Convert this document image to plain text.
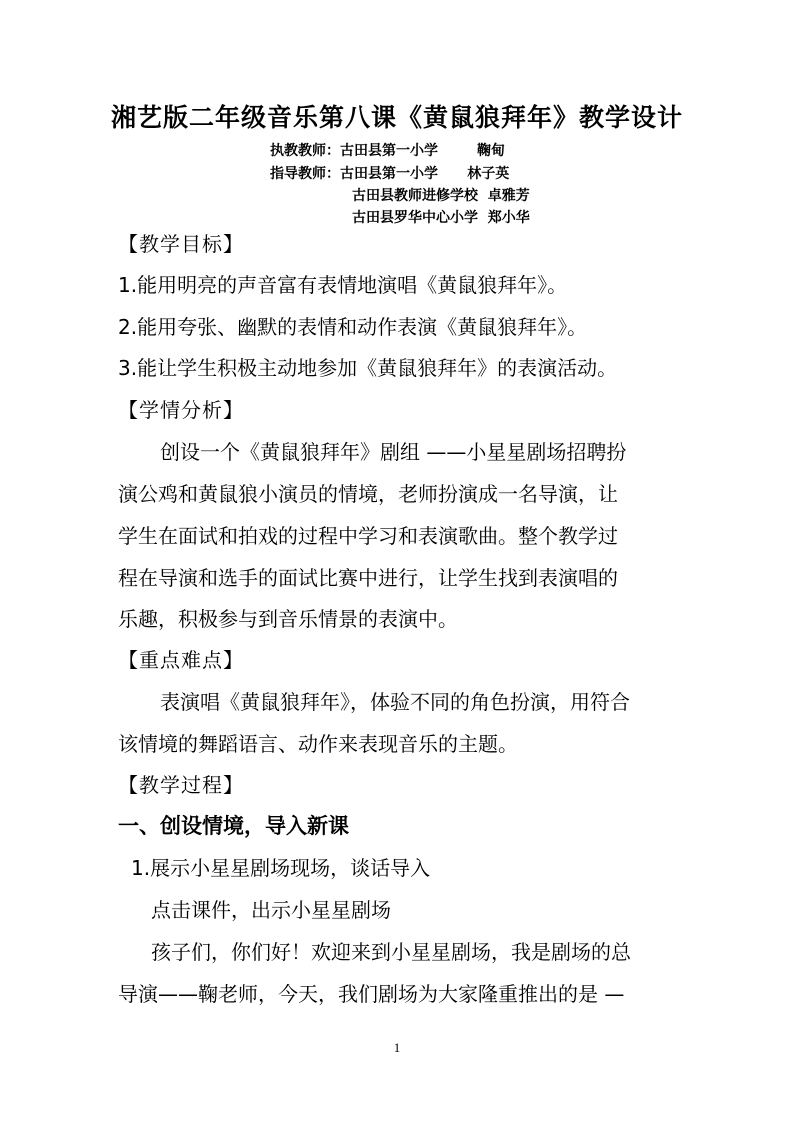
湘艺版二年级音乐第八课《黄鼠狼拜年》教学设计
执教教师：古田县第一小学        鞠甸
指导教师：古田县第一小学      林子英
古田县教师进修学校  卓雅芳
古田县罗华中心小学  郑小华
【教学目标】
1.能用明亮的声音富有表情地演唱《黄鼠狼拜年》。
2.能用夸张、幽默的表情和动作表演《黄鼠狼拜年》。
3.能让学生积极主动地参加《黄鼠狼拜年》的表演活动。
【学情分析】
创设一个《黄鼠狼拜年》剧组 ——小星星剧场招聘扮
演公鸡和黄鼠狼小演员的情境，老师扮演成一名导演，让
学生在面试和拍戏的过程中学习和表演歌曲。整个教学过
程在导演和选手的面试比赛中进行，让学生找到表演唱的
乐趣，积极参与到音乐情景的表演中。
【重点难点】
表演唱《黄鼠狼拜年》，体验不同的角色扮演，用符合
该情境的舞蹈语言、动作来表现音乐的主题。
【教学过程】
一、创设情境，导入新课
1.展示小星星剧场现场，谈话导入
点击课件，出示小星星剧场
孩子们，你们好！欢迎来到小星星剧场，我是剧场的总
导演——鞠老师，今天，我们剧场为大家隆重推出的是 —
1
